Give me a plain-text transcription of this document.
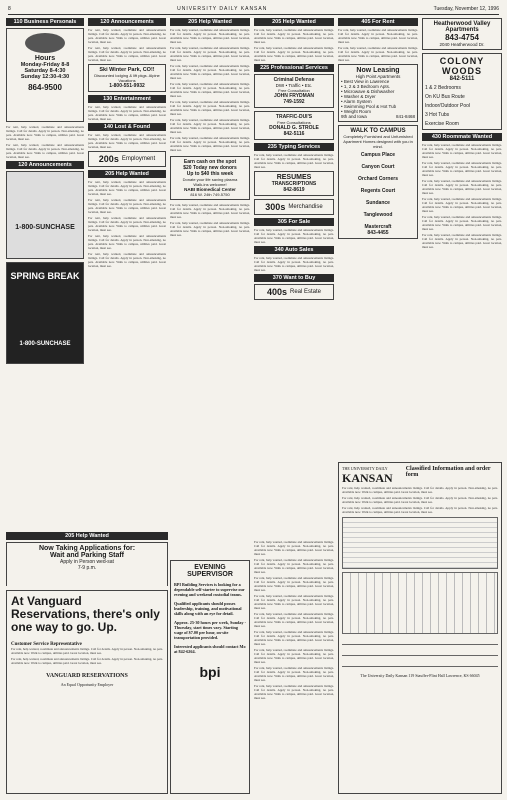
8	UNIVERSITY DAILY KANSAN	Tuesday, November 12, 1996
110 Business Personals
Hours
Monday-Friday 8-8
Saturday 8-4:30
Sunday 12:30-4:30
864-9500
For rent, help wanted, roommate and announcements listings. Call for details. Apply in person. Non-smoking, no pets. Available now. Walk to campus, utilities paid. Great location, must see.
For rent, help wanted, roommate and announcements listings. Call for details. Apply in person. Non-smoking, no pets. Available now. Walk to campus, utilities paid. Great location, must see.
120 Announcements
1-800-SUNCHASE
SPRING BREAK
1-800-SUNCHASE
120 Announcements
For rent, help wanted, roommate and announcements listings. Call for details. Apply in person. Non-smoking, no pets. Available now. Walk to campus, utilities paid. Great location, must see.
For rent, help wanted, roommate and announcements listings. Call for details. Apply in person. Non-smoking, no pets. Available now. Walk to campus, utilities paid. Great location, must see.
Ski Winter Park, CO!!
Discounted lodging & lift pkgs. Alpine Vacations
1-800-551-9932
130 Entertainment
For rent, help wanted, roommate and announcements listings. Call for details. Apply in person. Non-smoking, no pets. Available now. Walk to campus, utilities paid. Great location, must see.
140 Lost & Found
For rent, help wanted, roommate and announcements listings. Call for details. Apply in person. Non-smoking, no pets. Available now. Walk to campus, utilities paid. Great location, must see.
200s Employment
205 Help Wanted
For rent, help wanted, roommate and announcements listings. Call for details. Apply in person. Non-smoking, no pets. Available now. Walk to campus, utilities paid. Great location, must see.
For rent, help wanted, roommate and announcements listings. Call for details. Apply in person. Non-smoking, no pets. Available now. Walk to campus, utilities paid. Great location, must see.
For rent, help wanted, roommate and announcements listings. Call for details. Apply in person. Non-smoking, no pets. Available now. Walk to campus, utilities paid. Great location, must see.
For rent, help wanted, roommate and announcements listings. Call for details. Apply in person. Non-smoking, no pets. Available now. Walk to campus, utilities paid. Great location, must see.
For rent, help wanted, roommate and announcements listings. Call for details. Apply in person. Non-smoking, no pets. Available now. Walk to campus, utilities paid. Great location, must see.
205 Help Wanted
For rent, help wanted, roommate and announcements listings. Call for details. Apply in person. Non-smoking, no pets. Available now. Walk to campus, utilities paid. Great location, must see.
For rent, help wanted, roommate and announcements listings. Call for details. Apply in person. Non-smoking, no pets. Available now. Walk to campus, utilities paid. Great location, must see.
For rent, help wanted, roommate and announcements listings. Call for details. Apply in person. Non-smoking, no pets. Available now. Walk to campus, utilities paid. Great location, must see.
For rent, help wanted, roommate and announcements listings. Call for details. Apply in person. Non-smoking, no pets. Available now. Walk to campus, utilities paid. Great location, must see.
For rent, help wanted, roommate and announcements listings. Call for details. Apply in person. Non-smoking, no pets. Available now. Walk to campus, utilities paid. Great location, must see.
For rent, help wanted, roommate and announcements listings. Call for details. Apply in person. Non-smoking, no pets. Available now. Walk to campus, utilities paid. Great location, must see.
For rent, help wanted, roommate and announcements listings. Call for details. Apply in person. Non-smoking, no pets. Available now. Walk to campus, utilities paid. Great location, must see.
Earn cash on the spot
$20 Today new donors
Up to $40 this week
Donate your life saving plasma
Walk-ins welcome!
NABI Biomedical Center
816 W. 24th 749-5750
For rent, help wanted, roommate and announcements listings. Call for details. Apply in person. Non-smoking, no pets. Available now. Walk to campus, utilities paid. Great location, must see.
For rent, help wanted, roommate and announcements listings. Call for details. Apply in person. Non-smoking, no pets. Available now. Walk to campus, utilities paid. Great location, must see.
205 Help Wanted
For rent, help wanted, roommate and announcements listings. Call for details. Apply in person. Non-smoking, no pets. Available now. Walk to campus, utilities paid. Great location, must see.
For rent, help wanted, roommate and announcements listings. Call for details. Apply in person. Non-smoking, no pets. Available now. Walk to campus, utilities paid. Great location, must see.
225 Professional Services
Criminal Defense
DWI • Traffic • Etc.
Free Consultation
JOHN FRYDMAN
749-1592
TRAFFIC-DUI'S
Free Consultations
DONALD G. STROLE
842-5116
235 Typing Services
For rent, help wanted, roommate and announcements listings. Call for details. Apply in person. Non-smoking, no pets. Available now. Walk to campus, utilities paid. Great location, must see.
RESUMES
TRANSCRIPTIONS
842-8619
300s Merchandise
305 For Sale
For rent, help wanted, roommate and announcements listings. Call for details. Apply in person. Non-smoking, no pets. Available now. Walk to campus, utilities paid. Great location, must see.
340 Auto Sales
For rent, help wanted, roommate and announcements listings. Call for details. Apply in person. Non-smoking, no pets. Available now. Walk to campus, utilities paid. Great location, must see.
370 Want to Buy
400s Real Estate
405 For Rent
For rent, help wanted, roommate and announcements listings. Call for details. Apply in person. Non-smoking, no pets. Available now. Walk to campus, utilities paid. Great location, must see.
For rent, help wanted, roommate and announcements listings. Call for details. Apply in person. Non-smoking, no pets. Available now. Walk to campus, utilities paid. Great location, must see.
Now Leasing
High Point Apartments
• Best View in Lawrence
• 1, 2 & 3 Bedroom Apts.
• Microwave & Dishwasher
• Washer & Dryer
• Alarm System
• Swimming Pool & Hot Tub
• Weight Room
9th and Iowa	841-8468
WALK TO CAMPUS
Completely Furnished and Unfurnished Apartment Homes designed with you in mind.
Campus Place
Canyon Court
Orchard Corners
Regents Court
Sundance
Tanglewood
Mastercraft
843-4455
Heatherwood Valley
Apartments
843-4754
2040 Heatherwood Dr.
COLONY
WOODS
842-5111
1 & 2 Bedrooms
On KU Bus Route
Indoor/Outdoor Pool
3 Hot Tubs
Exercise Room
430 Roommate Wanted
For rent, help wanted, roommate and announcements listings. Call for details. Apply in person. Non-smoking, no pets. Available now. Walk to campus, utilities paid. Great location, must see.
For rent, help wanted, roommate and announcements listings. Call for details. Apply in person. Non-smoking, no pets. Available now. Walk to campus, utilities paid. Great location, must see.
For rent, help wanted, roommate and announcements listings. Call for details. Apply in person. Non-smoking, no pets. Available now. Walk to campus, utilities paid. Great location, must see.
For rent, help wanted, roommate and announcements listings. Call for details. Apply in person. Non-smoking, no pets. Available now. Walk to campus, utilities paid. Great location, must see.
For rent, help wanted, roommate and announcements listings. Call for details. Apply in person. Non-smoking, no pets. Available now. Walk to campus, utilities paid. Great location, must see.
For rent, help wanted, roommate and announcements listings. Call for details. Apply in person. Non-smoking, no pets. Available now. Walk to campus, utilities paid. Great location, must see.
205 Help Wanted
Now Taking Applications for:
Wait and Parking Staff
Apply in Person wed-sat
7-9 p.m.
At Vanguard Reservations, there's only one way to go. Up.
Customer Service Representative
For rent, help wanted, roommate and announcements listings. Call for details. Apply in person. Non-smoking, no pets. Available now. Walk to campus, utilities paid. Great location, must see.
For rent, help wanted, roommate and announcements listings. Call for details. Apply in person. Non-smoking, no pets. Available now. Walk to campus, utilities paid. Great location, must see.
VANGUARD RESERVATIONS
An Equal Opportunity Employer
EVENING SUPERVISOR
BPI Building Services is looking for a dependable self-starter to supervise our evening and weekend custodial teams.
Qualified applicants should posses leadership, training, and motivational skills along with an eye for detail.
Approx. 25-30 hours per week, Sunday - Thursday, start times vary. Starting wage of $7.00 per hour, on-site transportation provided.
Interested applicants should contact Mo at 842-6264.
bpi
For rent, help wanted, roommate and announcements listings. Call for details. Apply in person. Non-smoking, no pets. Available now. Walk to campus, utilities paid. Great location, must see.
For rent, help wanted, roommate and announcements listings. Call for details. Apply in person. Non-smoking, no pets. Available now. Walk to campus, utilities paid. Great location, must see.
For rent, help wanted, roommate and announcements listings. Call for details. Apply in person. Non-smoking, no pets. Available now. Walk to campus, utilities paid. Great location, must see.
For rent, help wanted, roommate and announcements listings. Call for details. Apply in person. Non-smoking, no pets. Available now. Walk to campus, utilities paid. Great location, must see.
For rent, help wanted, roommate and announcements listings. Call for details. Apply in person. Non-smoking, no pets. Available now. Walk to campus, utilities paid. Great location, must see.
For rent, help wanted, roommate and announcements listings. Call for details. Apply in person. Non-smoking, no pets. Available now. Walk to campus, utilities paid. Great location, must see.
For rent, help wanted, roommate and announcements listings. Call for details. Apply in person. Non-smoking, no pets. Available now. Walk to campus, utilities paid. Great location, must see.
For rent, help wanted, roommate and announcements listings. Call for details. Apply in person. Non-smoking, no pets. Available now. Walk to campus, utilities paid. Great location, must see.
For rent, help wanted, roommate and announcements listings. Call for details. Apply in person. Non-smoking, no pets. Available now. Walk to campus, utilities paid. Great location, must see.
THE UNIVERSITY DAILY
KANSAN
Classified Information and order form
For rent, help wanted, roommate and announcements listings. Call for details. Apply in person. Non-smoking, no pets. Available now. Walk to campus, utilities paid. Great location, must see.
For rent, help wanted, roommate and announcements listings. Call for details. Apply in person. Non-smoking, no pets. Available now. Walk to campus, utilities paid. Great location, must see.
For rent, help wanted, roommate and announcements listings. Call for details. Apply in person. Non-smoking, no pets. Available now. Walk to campus, utilities paid. Great location, must see.
The University Daily Kansan 119 Stauffer-Flint Hall Lawrence, KS 66045
